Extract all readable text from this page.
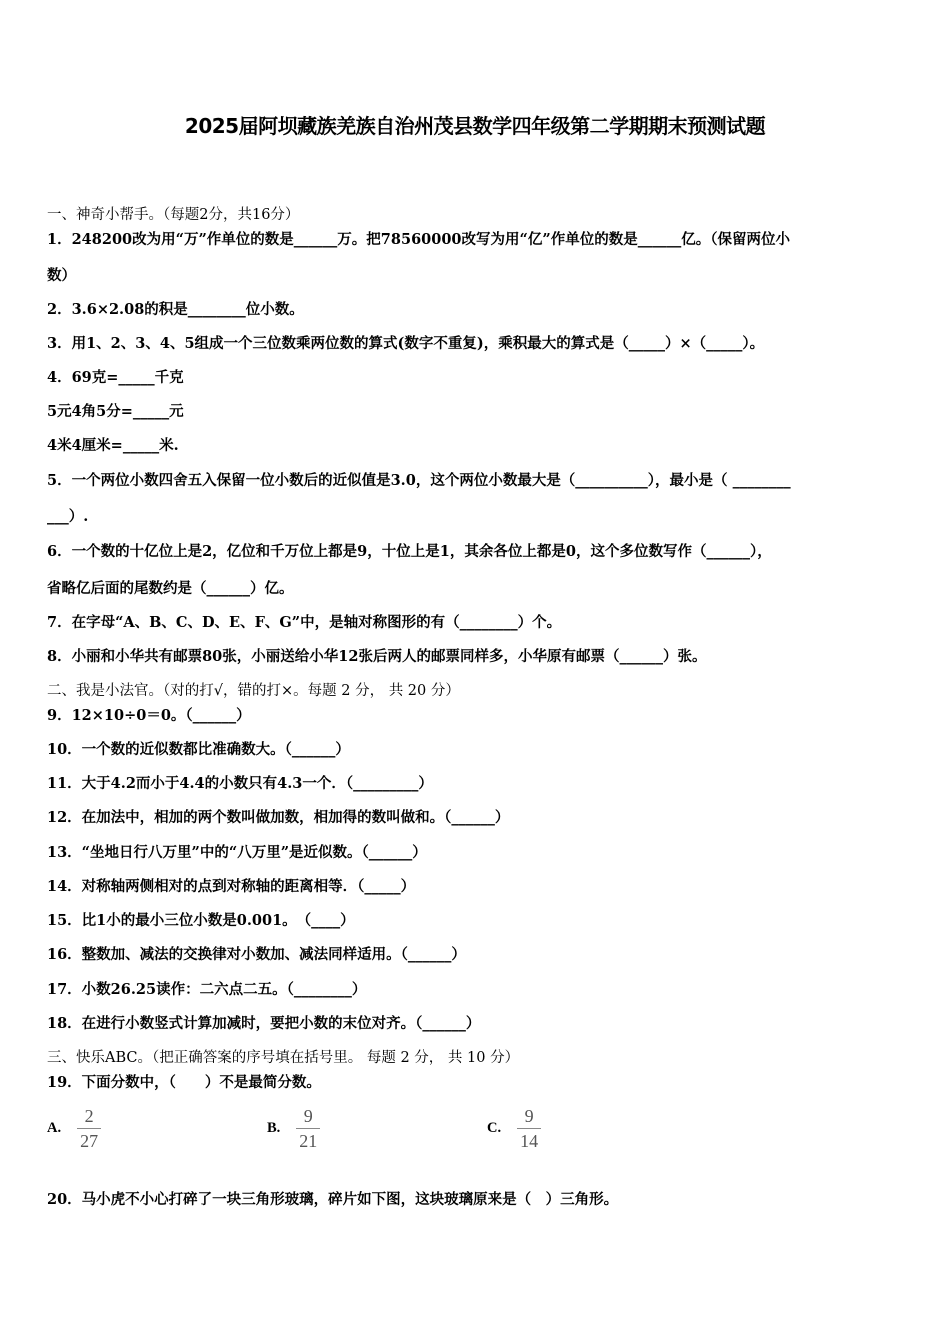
2025届阿坝藏族羌族自治州茂县数学四年级第二学期期末预测试题
一、神奇小帮手。（每题2分，共16分）
1．248200改为用“万”作单位的数是______万。把78560000改写为用“亿”作单位的数是______亿。（保留两位小
数）
2．3.6×2.08的积是________位小数。
3．用1、2、3、4、5组成一个三位数乘两位数的算式(数字不重复)，乘积最大的算式是（_____）×（_____）。
4．69克=_____千克
5元4角5分=_____元
4米4厘米=_____米.
5．一个两位小数四舍五入保留一位小数后的近似值是3.0，这个两位小数最大是（__________），最小是（ ________
___）.
6．一个数的十亿位上是2，亿位和千万位上都是9，十位上是1，其余各位上都是0，这个多位数写作（______），
省略亿后面的尾数约是（______）亿。
7．在字母“A、B、C、D、E、F、G”中，是轴对称图形的有（________）个。
8．小丽和小华共有邮票80张，小丽送给小华12张后两人的邮票同样多，小华原有邮票（______）张。
二、我是小法官。（对的打√，错的打×。每题 2 分， 共 20 分）
9．12×10÷0＝0。（______）
10．一个数的近似数都比准确数大。（______）
11．大于4.2而小于4.4的小数只有4.3一个．（_________）
12．在加法中，相加的两个数叫做加数，相加得的数叫做和。（______）
13．“坐地日行八万里”中的“八万里”是近似数。（______）
14．对称轴两侧相对的点到对称轴的距离相等．（_____）
15．比1小的最小三位小数是0.001。　（____）
16．整数加、减法的交换律对小数加、减法同样适用。（______）
17．小数26.25读作：二六点二五。（________）
18．在进行小数竖式计算加减时，要把小数的末位对齐。（______）
三、快乐ABC。（把正确答案的序号填在括号里。 每题 2 分， 共 10 分）
19．下面分数中，（　　）不是最简分数。
A. $\frac{2}{27}$	B. $\frac{9}{21}$	C. $\frac{9}{14}$
20．马小虎不小心打碎了一块三角形玻璃，碎片如下图，这块玻璃原来是（　）三角形。
